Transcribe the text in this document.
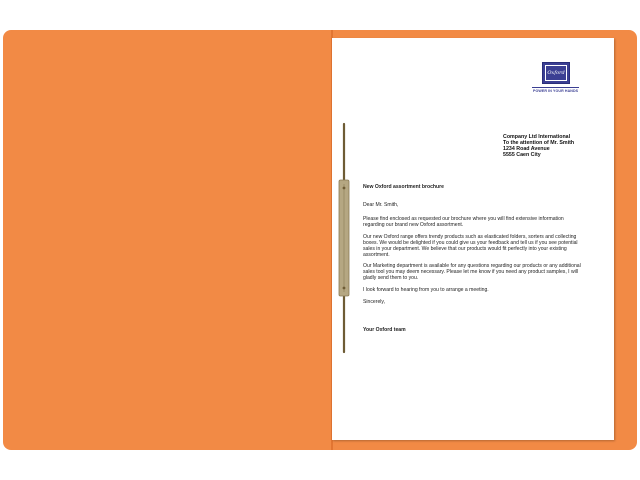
Oxford
POWER IN YOUR HANDS
Company Ltd International
To the attention of Mr. Smith
1234 Road Avenue
5555 Caen City
New Oxford assortment brochure
Dear Mr. Smith,
Please find enclosed as requested our brochure where you will find extensive information regarding our brand new Oxford assortment.
Our new Oxford range offers trendy products such as elasticated folders, sorters and collecting boxes. We would be delighted if you could give us your feedback and tell us if you see potential sales in your department. We believe that our products would fit perfectly into your existing assortment.
Our Marketing department is available for any questions regarding our products or any additional sales tool you may deem necessary. Please let me know if you need any product samples, I will gladly send them to you.
I look forward to hearing from you to arrange a meeting.
Sincerely,
Your Oxford team
